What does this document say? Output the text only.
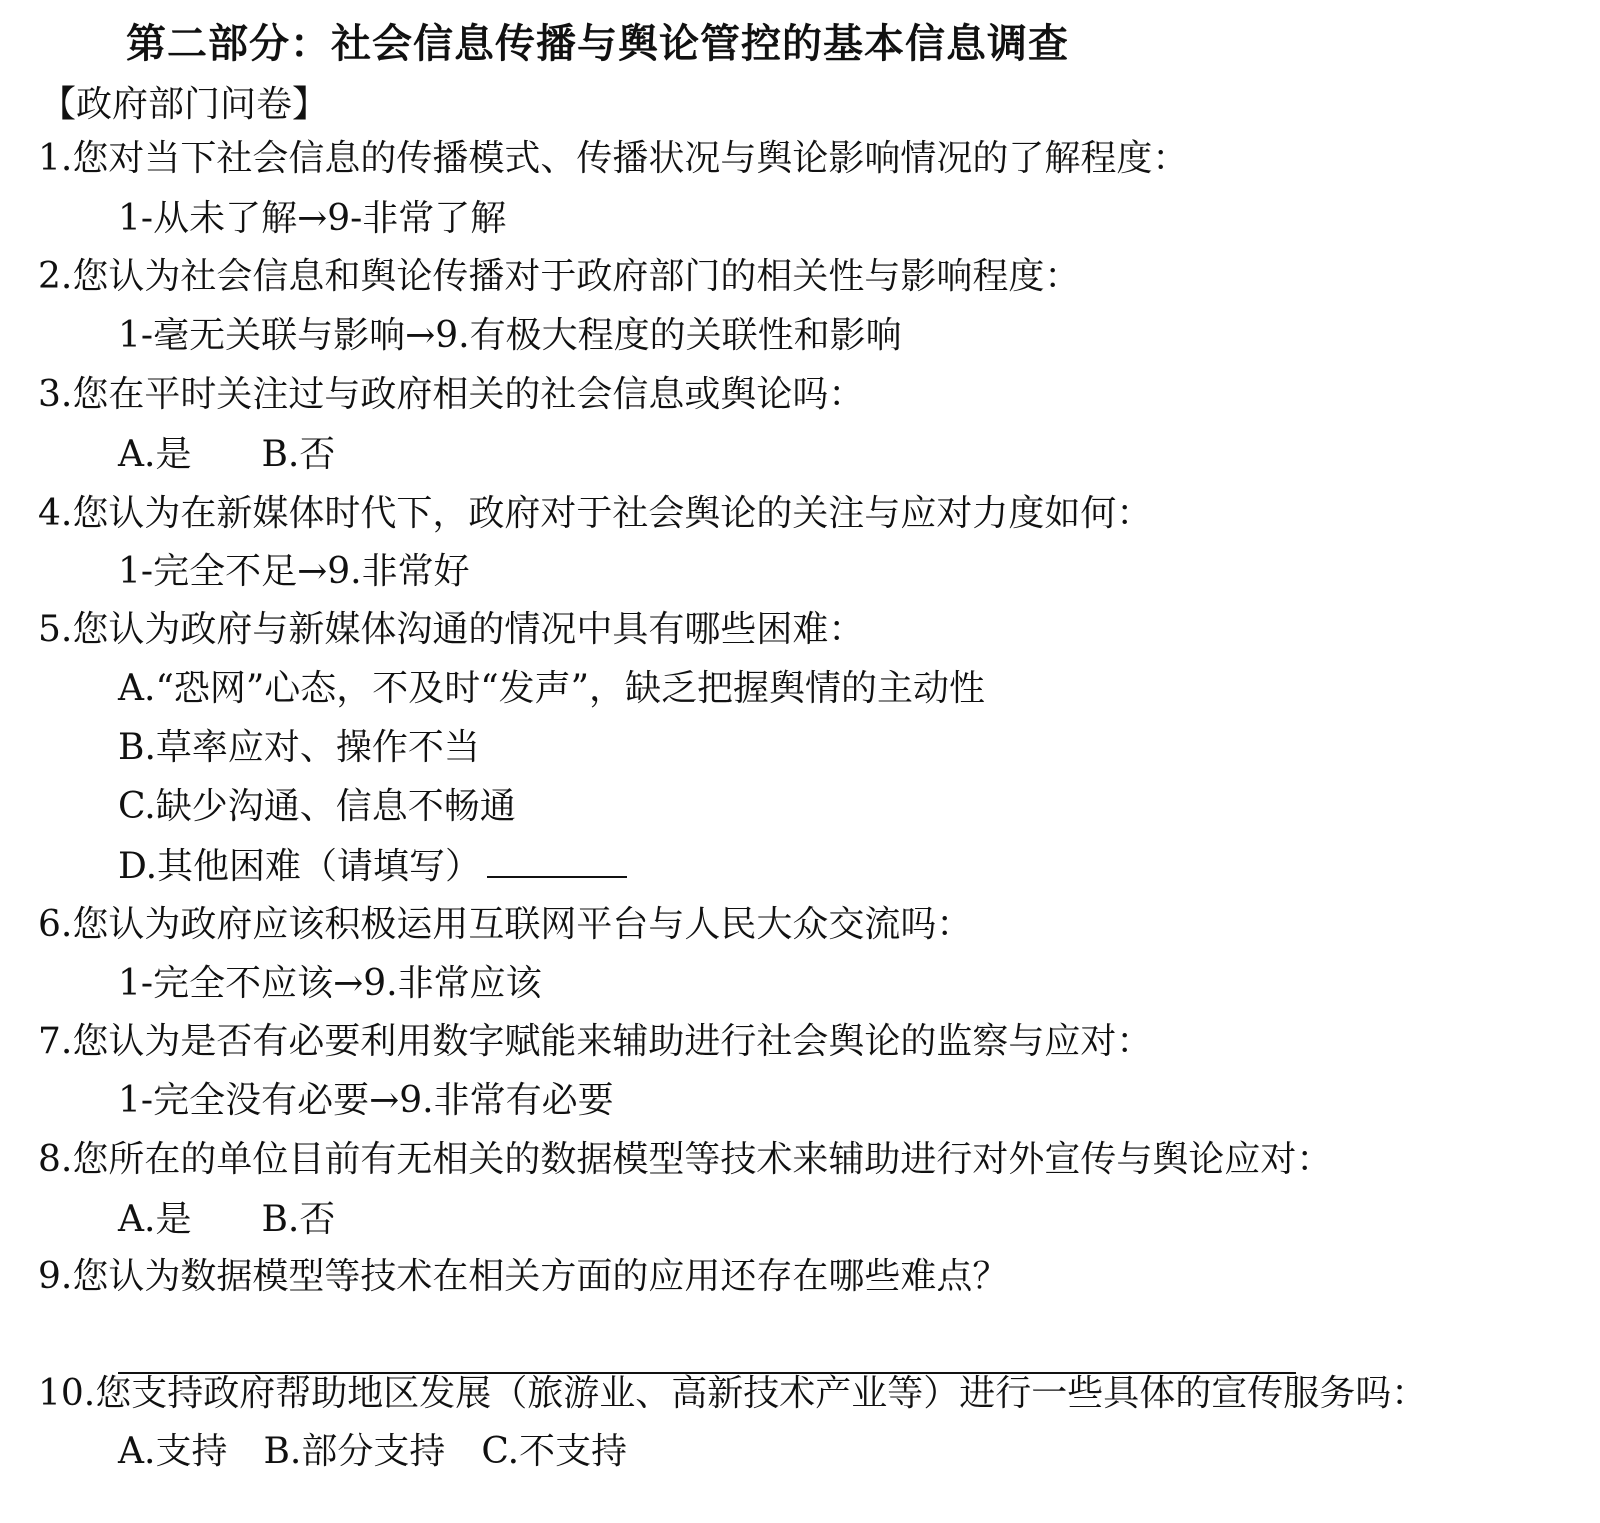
第二部分：社会信息传播与舆论管控的基本信息调查
【政府部门问卷】
1.您对当下社会信息的传播模式、传播状况与舆论影响情况的了解程度：
1-从未了解→9-非常了解
2.您认为社会信息和舆论传播对于政府部门的相关性与影响程度：
1-毫无关联与影响→9.有极大程度的关联性和影响
3.您在平时关注过与政府相关的社会信息或舆论吗：
A.是 B.否
4.您认为在新媒体时代下，政府对于社会舆论的关注与应对力度如何：
1-完全不足→9.非常好
5.您认为政府与新媒体沟通的情况中具有哪些困难：
A.“恐网”心态，不及时“发声”，缺乏把握舆情的主动性
B.草率应对、操作不当
C.缺少沟通、信息不畅通
D.其他困难（请填写）
6.您认为政府应该积极运用互联网平台与人民大众交流吗：
1-完全不应该→9.非常应该
7.您认为是否有必要利用数字赋能来辅助进行社会舆论的监察与应对：
1-完全没有必要→9.非常有必要
8.您所在的单位目前有无相关的数据模型等技术来辅助进行对外宣传与舆论应对：
A.是 B.否
9.您认为数据模型等技术在相关方面的应用还存在哪些难点？
10.您支持政府帮助地区发展（旅游业、高新技术产业等）进行一些具体的宣传服务吗：
A.支持 B.部分支持 C.不支持
